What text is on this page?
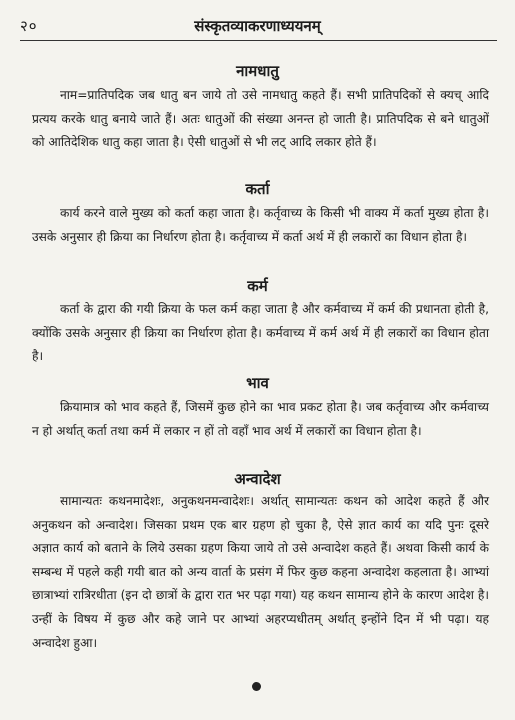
२०	संस्कृतव्याकरणाध्ययनम्
नामधातु

नाम=प्रातिपदिक जब धातु बन जाये तो उसे नामधातु कहते हैं। सभी प्रातिपदिकों से क्यच् आदि प्रत्यय करके धातु बनाये जाते हैं। अतः धातुओं की संख्या अनन्त हो जाती है। प्रातिपदिक से बने धातुओं को आतिदेशिक धातु कहा जाता है। ऐसी धातुओं से भी लट् आदि लकार होते हैं।

कर्ता

कार्य करने वाले मुख्य को कर्ता कहा जाता है। कर्तृवाच्य के किसी भी वाक्य में कर्ता मुख्य होता है। उसके अनुसार ही क्रिया का निर्धारण होता है। कर्तृवाच्य में कर्ता अर्थ में ही लकारों का विधान होता है।

कर्म

कर्ता के द्वारा की गयी क्रिया के फल कर्म कहा जाता है और कर्मवाच्य में कर्म की प्रधानता होती है, क्योंकि उसके अनुसार ही क्रिया का निर्धारण होता है। कर्मवाच्य में कर्म अर्थ में ही लकारों का विधान होता है।

भाव

क्रियामात्र को भाव कहते हैं, जिसमें कुछ होने का भाव प्रकट होता है। जब कर्तृवाच्य और कर्मवाच्य न हो अर्थात् कर्ता तथा कर्म में लकार न हों तो वहाँ भाव अर्थ में लकारों का विधान होता है।

अन्वादेश

सामान्यतः कथनमादेशः, अनुकथनमन्वादेशः। अर्थात् सामान्यतः कथन को आदेश कहते हैं और अनुकथन को अन्वादेश। जिसका प्रथम एक बार ग्रहण हो चुका है, ऐसे ज्ञात कार्य का यदि पुनः दूसरे अज्ञात कार्य को बताने के लिये उसका ग्रहण किया जाये तो उसे अन्वादेश कहते हैं। अथवा किसी कार्य के सम्बन्ध में पहले कही गयी बात को अन्य वार्ता के प्रसंग में फिर कुछ कहना अन्वादेश कहलाता है। आभ्यां छात्राभ्यां रात्रिरधीता (इन दो छात्रों के द्वारा रात भर पढ़ा गया) यह कथन सामान्य होने के कारण आदेश है। उन्हीं के विषय में कुछ और कहे जाने पर आभ्यां अहरप्यधीतम् अर्थात् इन्होंने दिन में भी पढ़ा। यह अन्वादेश हुआ।
